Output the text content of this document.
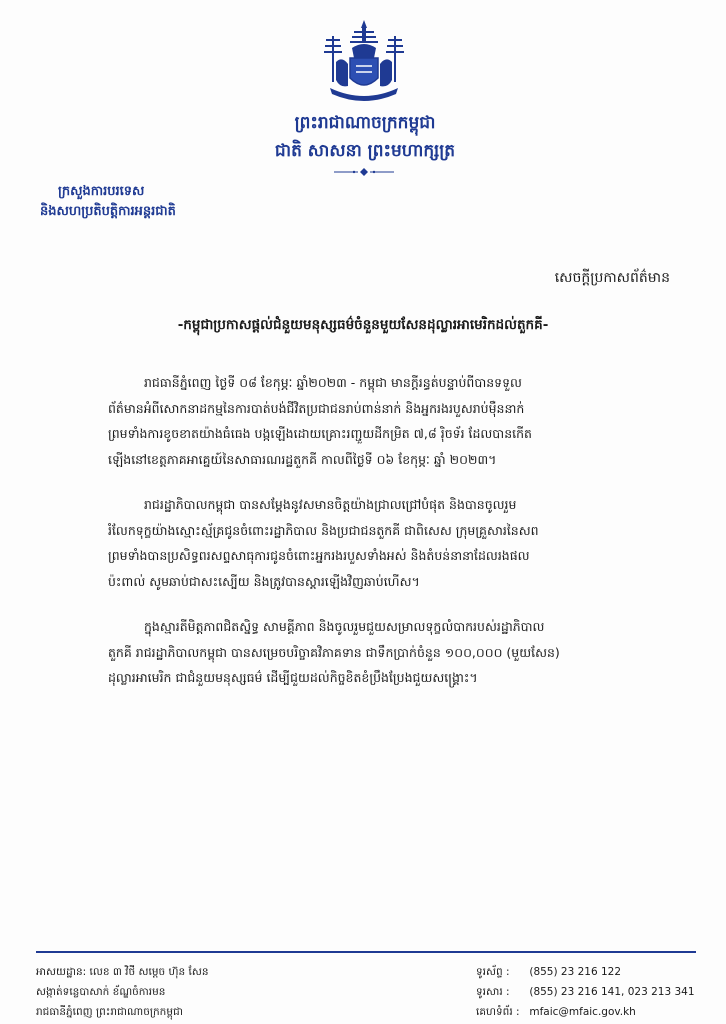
ព្រះរាជាណាចក្រកម្ពុជា
ជាតិ សាសនា ព្រះមហាក្សត្រ
ក្រសួងការបរទេស
និងសហប្រតិបត្តិការអន្តរជាតិ
សេចក្តីប្រកាសព័ត៌មាន
-កម្ពុជាប្រកាសផ្តល់ជំនួយមនុស្សធម៌ចំនួនមួយសែនដុល្លារអាមេរិកដល់តួកគី-
រាជធានីភ្នំពេញ ថ្ងៃទី ០៨ ខែកុម្ភៈ ឆ្នាំ២០២៣ - កម្ពុជា មានក្តីរន្ធត់បន្ទាប់ពីបានទទួល
ព័ត៌មានអំពីសោកនាដកម្មនៃការបាត់បង់ជីវិតប្រជាជនរាប់ពាន់នាក់ និងអ្នករងរបួសរាប់ម៉ឺននាក់
ព្រមទាំងការខូចខាតយ៉ាងធំធេង បង្កឡើងដោយគ្រោះរញ្ជួយដីកម្រិត ៧,៨ រ៉ិចទ័រ ដែលបានកើត
ឡើងនៅខេត្តភាគអាគ្នេយ៍នៃសាធារណរដ្ឋតួកគី កាលពីថ្ងៃទី ០៦ ខែកុម្ភៈ ឆ្នាំ ២០២៣។
រាជរដ្ឋាភិបាលកម្ពុជា បានសម្តែងនូវសមានចិត្តយ៉ាងជ្រាលជ្រៅបំផុត និងបានចូលរួម
រំលែកទុក្ខយ៉ាងស្មោះស្ម័គ្រជូនចំពោះរដ្ឋាភិបាល និងប្រជាជនតួកគី ជាពិសេស ក្រុមគ្រួសារនៃសព
ព្រមទាំងបានប្រសិទ្ធពរសព្ទសាធុការជូនចំពោះអ្នករងរបួសទាំងអស់ និងតំបន់នានាដែលរងផល
ប៉ះពាល់ សូមឆាប់ជាសះស្បើយ និងត្រូវបានស្តារឡើងវិញឆាប់ហើស។
ក្នុងស្មារតីមិត្តភាពជិតស្និទ្ធ សាមគ្គីភាព និងចូលរួមជួយសម្រាលទុក្ខលំបាករបស់រដ្ឋាភិបាល
តួកគី រាជរដ្ឋាភិបាលកម្ពុជា បានសម្រេចបរិច្ចាគវិភាគទាន ជាទឹកប្រាក់ចំនួន ១០០,០០០ (មួយសែន)
ដុល្លារអាមេរិក ជាជំនួយមនុស្សធម៌ ដើម្បីជួយដល់កិច្ចខិតខំប្រឹងប្រែងជួយសង្គ្រោះ។
អាសយដ្ឋាន: លេខ ៣ វិថី សម្តេច ហ៊ុន សែន
សង្កាត់ទន្លេបាសាក់ ខ័ណ្ឌចំការមន
រាជធានីភ្នំពេញ ព្រះរាជាណាចក្រកម្ពុជា
ទូរស័ព្ទ : (855) 23 216 122
ទូរសារ : (855) 23 216 141, 023 213 341
គេហទំព័រ : mfaic@mfaic.gov.kh
